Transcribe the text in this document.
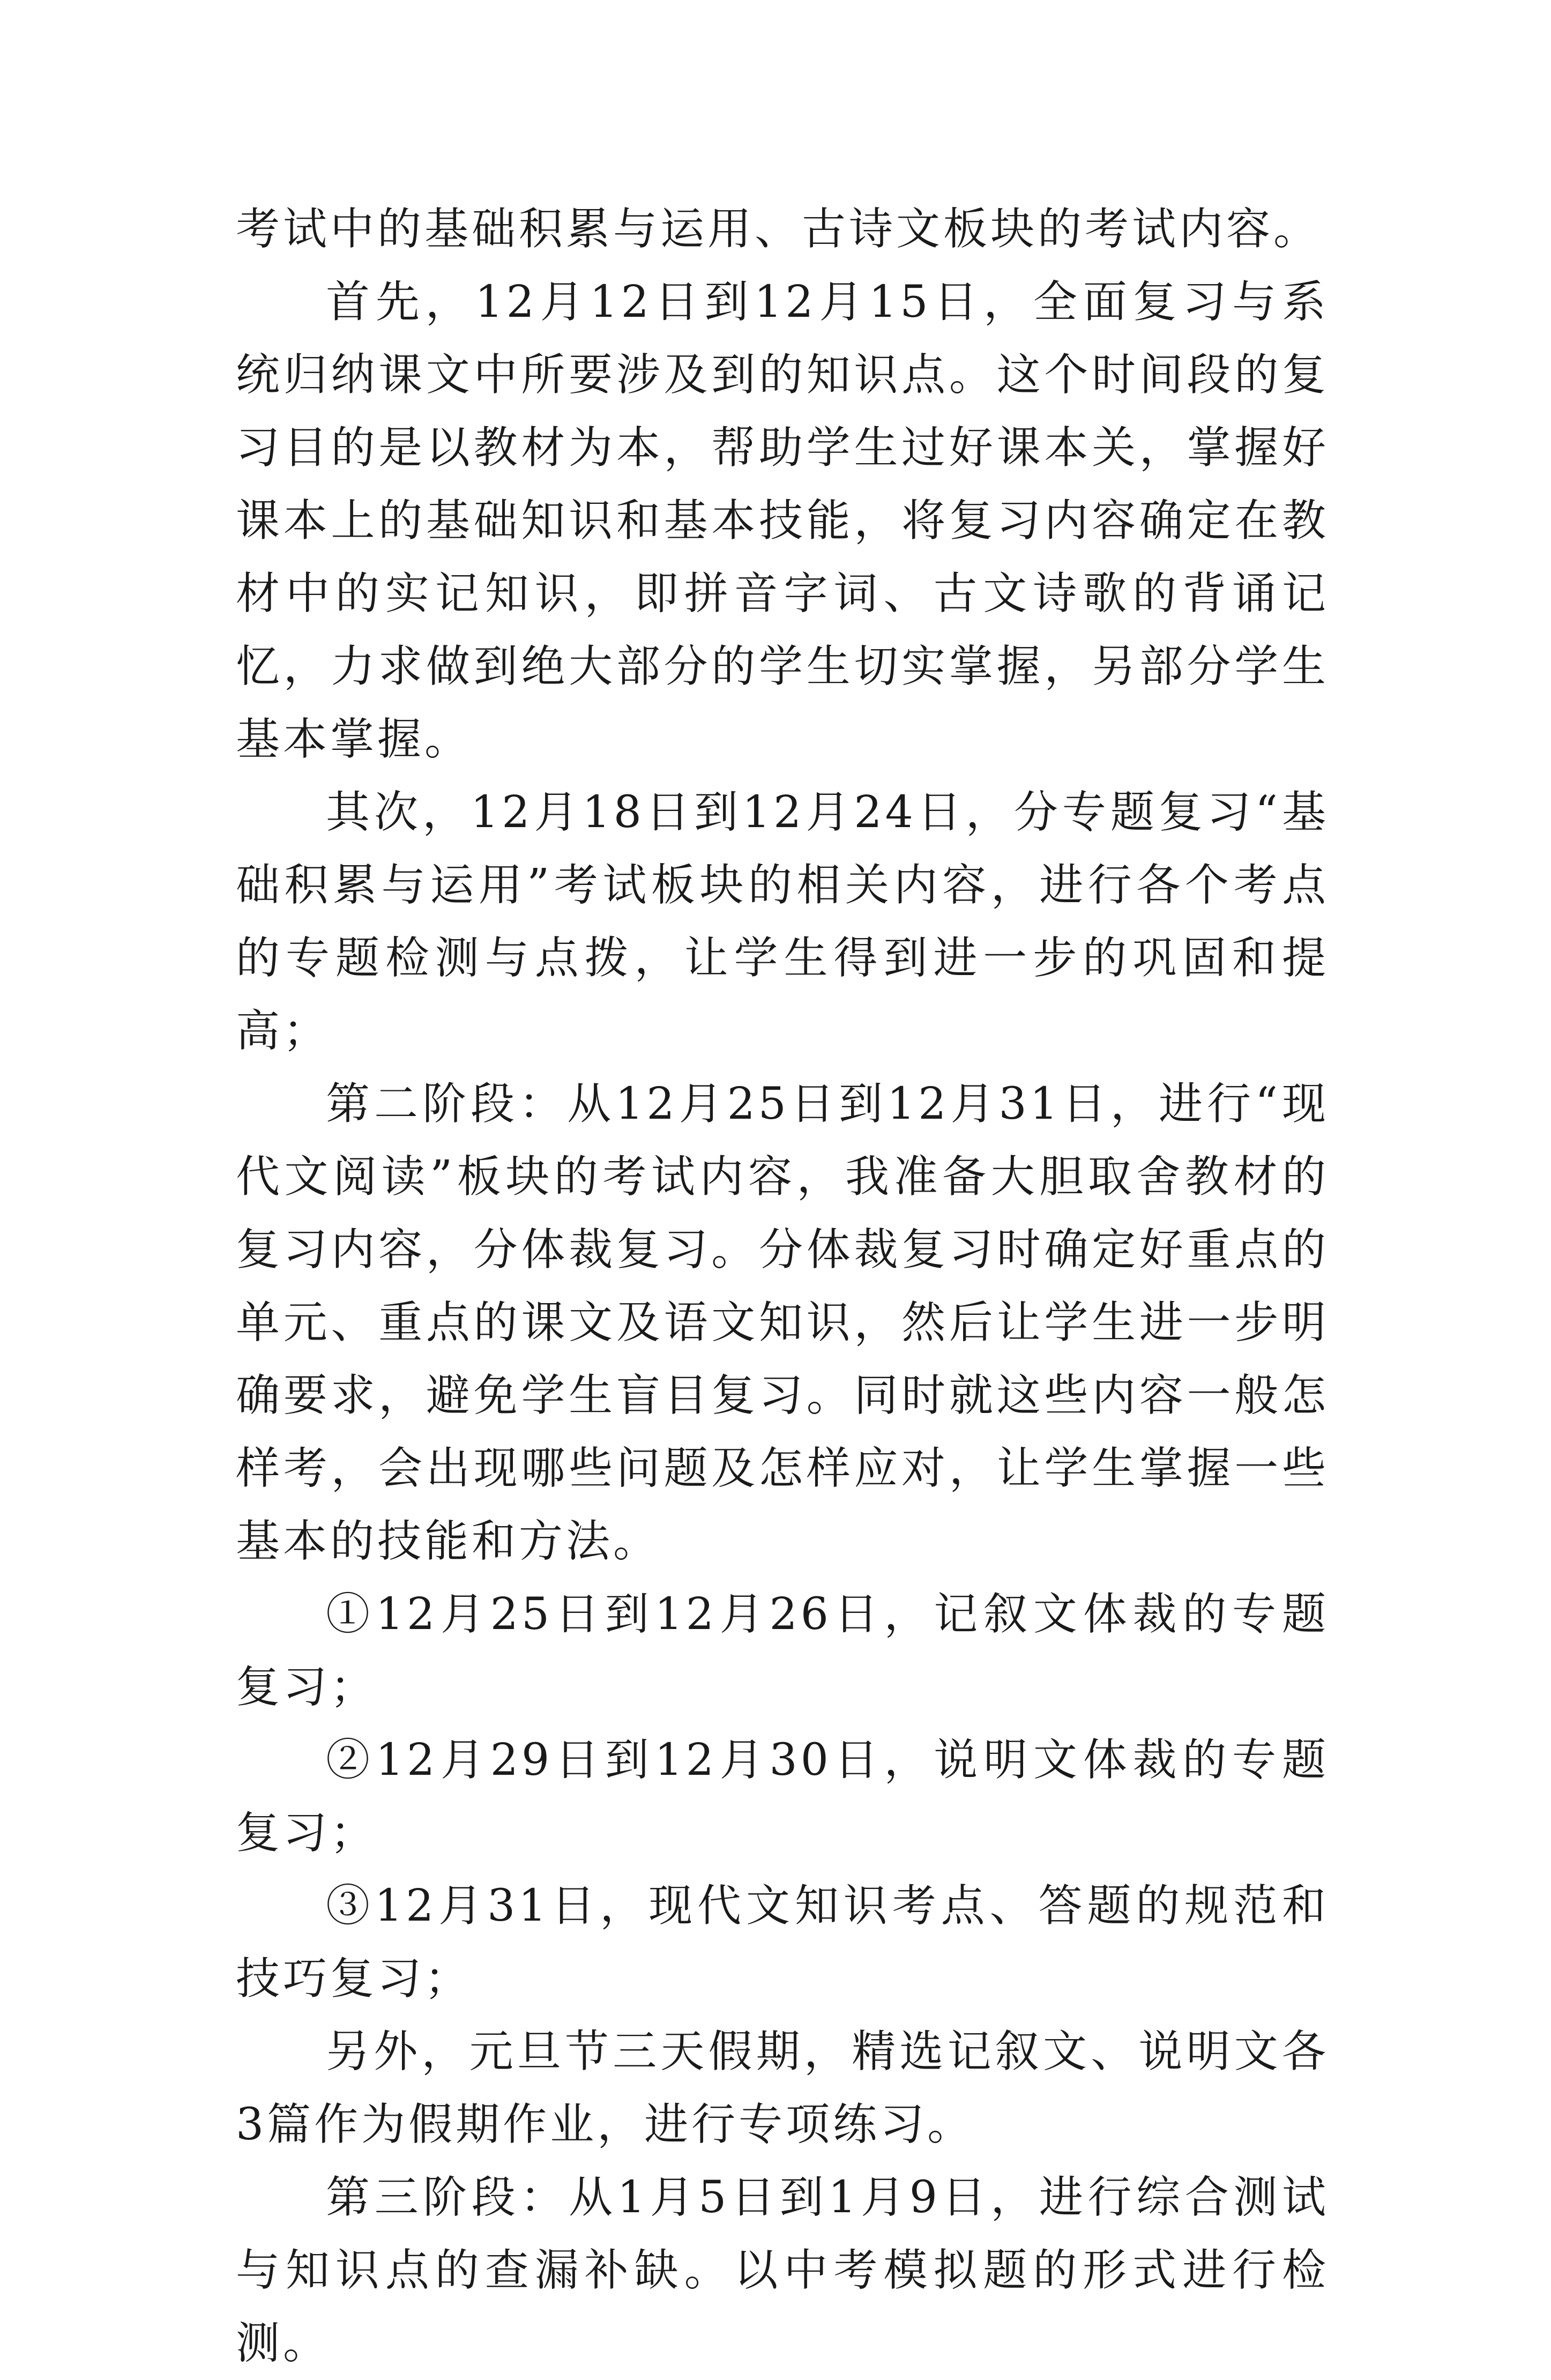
考试中的基础积累与运用、古诗文板块的考试内容。

首先，12月12日到12月15日，全面复习与系统归纳课文中所要涉及到的知识点。这个时间段的复习目的是以教材为本，帮助学生过好课本关，掌握好课本上的基础知识和基本技能，将复习内容确定在教材中的实记知识，即拼音字词、古文诗歌的背诵记忆，力求做到绝大部分的学生切实掌握，另部分学生基本掌握。

其次，12月18日到12月24日，分专题复习“基础积累与运用”考试板块的相关内容，进行各个考点的专题检测与点拨，让学生得到进一步的巩固和提高；

第二阶段：从12月25日到12月31日，进行“现代文阅读”板块的考试内容，我准备大胆取舍教材的复习内容，分体裁复习。分体裁复习时确定好重点的单元、重点的课文及语文知识，然后让学生进一步明确要求，避免学生盲目复习。同时就这些内容一般怎样考，会出现哪些问题及怎样应对，让学生掌握一些基本的技能和方法。

①12月25日到12月26日，记叙文体裁的专题复习；

②12月29日到12月30日，说明文体裁的专题复习；

③12月31日，现代文知识考点、答题的规范和技巧复习；

另外，元旦节三天假期，精选记叙文、说明文各3篇作为假期作业，进行专项练习。

第三阶段：从1月5日到1月9日，进行综合测试与知识点的查漏补缺。以中考模拟题的形式进行检测。
